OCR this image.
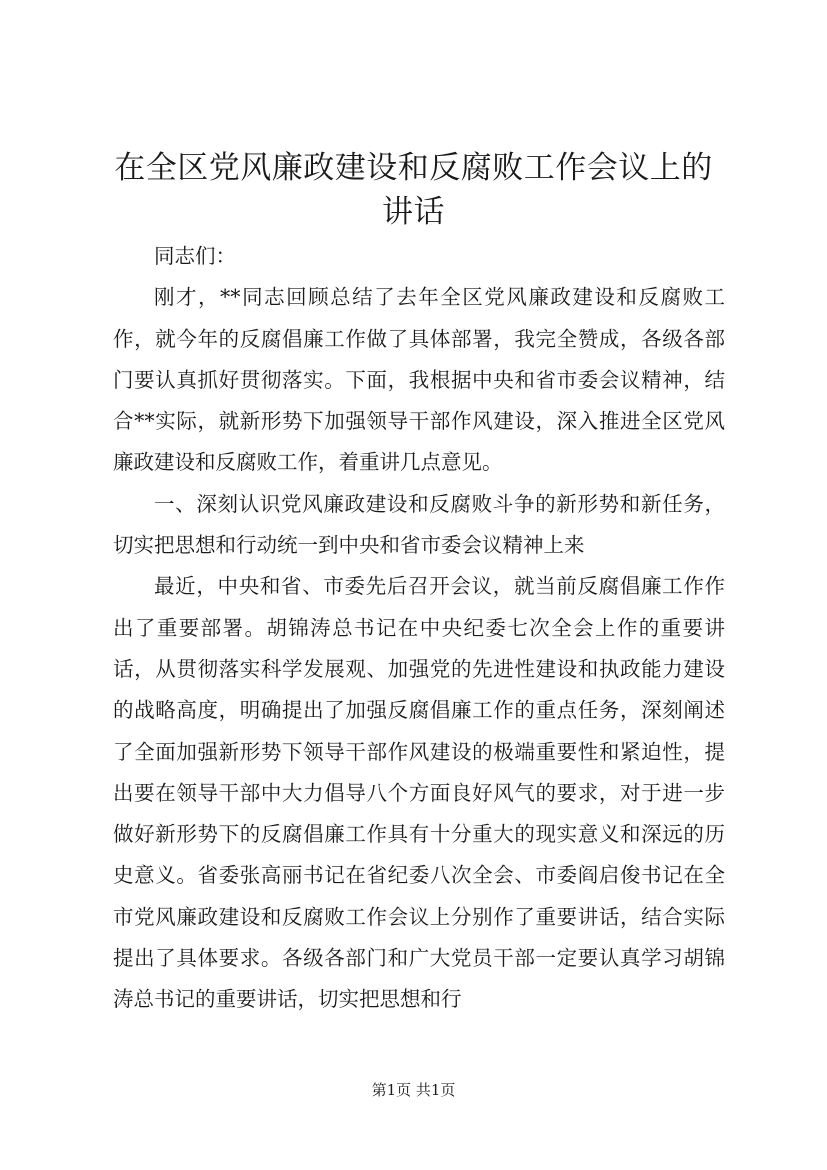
在全区党风廉政建设和反腐败工作会议上的讲话

同志们：

刚才，**同志回顾总结了去年全区党风廉政建设和反腐败工作，就今年的反腐倡廉工作做了具体部署，我完全赞成，各级各部门要认真抓好贯彻落实。下面，我根据中央和省市委会议精神，结合**实际，就新形势下加强领导干部作风建设，深入推进全区党风廉政建设和反腐败工作，着重讲几点意见。

一、深刻认识党风廉政建设和反腐败斗争的新形势和新任务，切实把思想和行动统一到中央和省市委会议精神上来

最近，中央和省、市委先后召开会议，就当前反腐倡廉工作作出了重要部署。胡锦涛总书记在中央纪委七次全会上作的重要讲话，从贯彻落实科学发展观、加强党的先进性建设和执政能力建设的战略高度，明确提出了加强反腐倡廉工作的重点任务，深刻阐述了全面加强新形势下领导干部作风建设的极端重要性和紧迫性，提出要在领导干部中大力倡导八个方面良好风气的要求，对于进一步做好新形势下的反腐倡廉工作具有十分重大的现实意义和深远的历史意义。省委张高丽书记在省纪委八次全会、市委阎启俊书记在全市党风廉政建设和反腐败工作会议上分别作了重要讲话，结合实际提出了具体要求。各级各部门和广大党员干部一定要认真学习胡锦涛总书记的重要讲话，切实把思想和行

第1页 共1页
